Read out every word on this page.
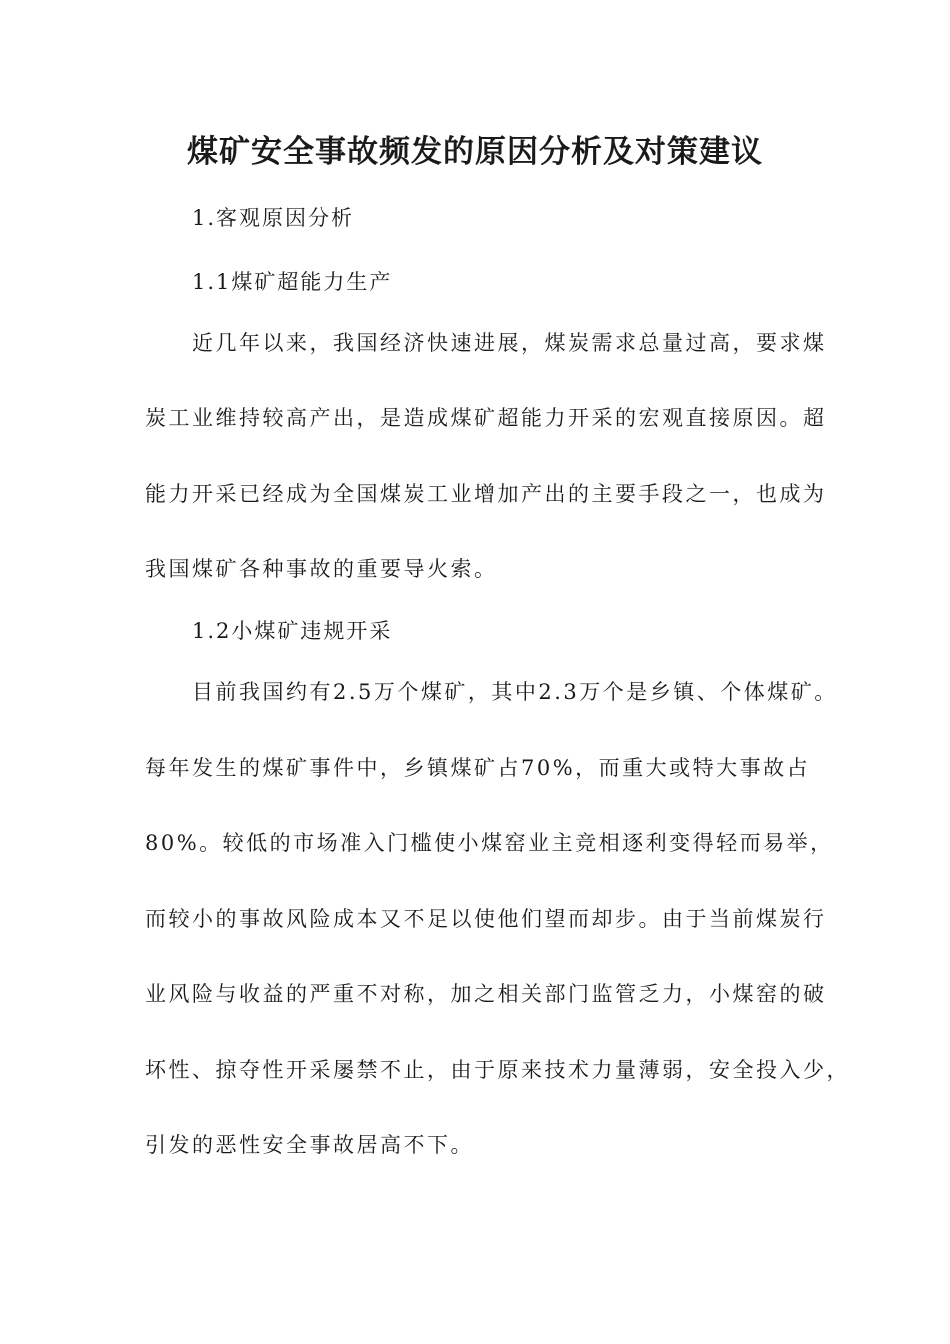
煤矿安全事故频发的原因分析及对策建议
1.客观原因分析
1.1煤矿超能力生产
近几年以来，我国经济快速进展，煤炭需求总量过高，要求煤
炭工业维持较高产出，是造成煤矿超能力开采的宏观直接原因。超
能力开采已经成为全国煤炭工业增加产出的主要手段之一，也成为
我国煤矿各种事故的重要导火索。
1.2小煤矿违规开采
目前我国约有2.5万个煤矿，其中2.3万个是乡镇、个体煤矿。
每年发生的煤矿事件中，乡镇煤矿占70%，而重大或特大事故占
80%。较低的市场准入门槛使小煤窑业主竞相逐利变得轻而易举，
而较小的事故风险成本又不足以使他们望而却步。由于当前煤炭行
业风险与收益的严重不对称，加之相关部门监管乏力，小煤窑的破
坏性、掠夺性开采屡禁不止，由于原来技术力量薄弱，安全投入少，
引发的恶性安全事故居高不下。
